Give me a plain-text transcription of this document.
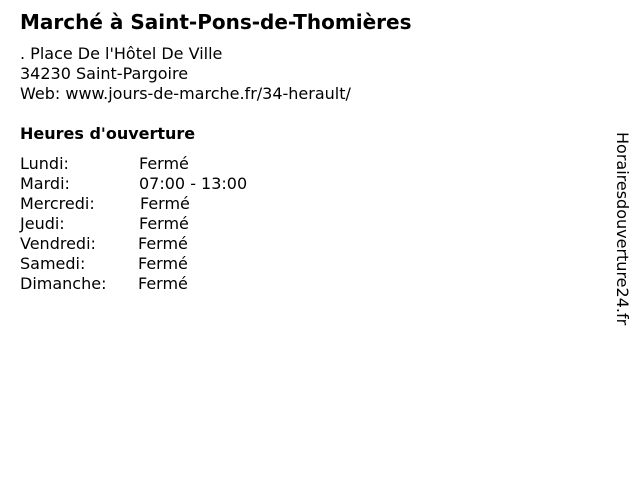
Marché à Saint-Pons-de-Thomières
. Place De l'Hôtel De Ville
34230 Saint-Pargoire
Web: www.jours-de-marche.fr/34-herault/
Heures d'ouverture
Lundi:	Fermé
Mardi:	07:00 - 13:00
Mercredi:	Fermé
Jeudi:	Fermé
Vendredi:	Fermé
Samedi:	Fermé
Dimanche: Fermé	Horairesdouverture24.fr
